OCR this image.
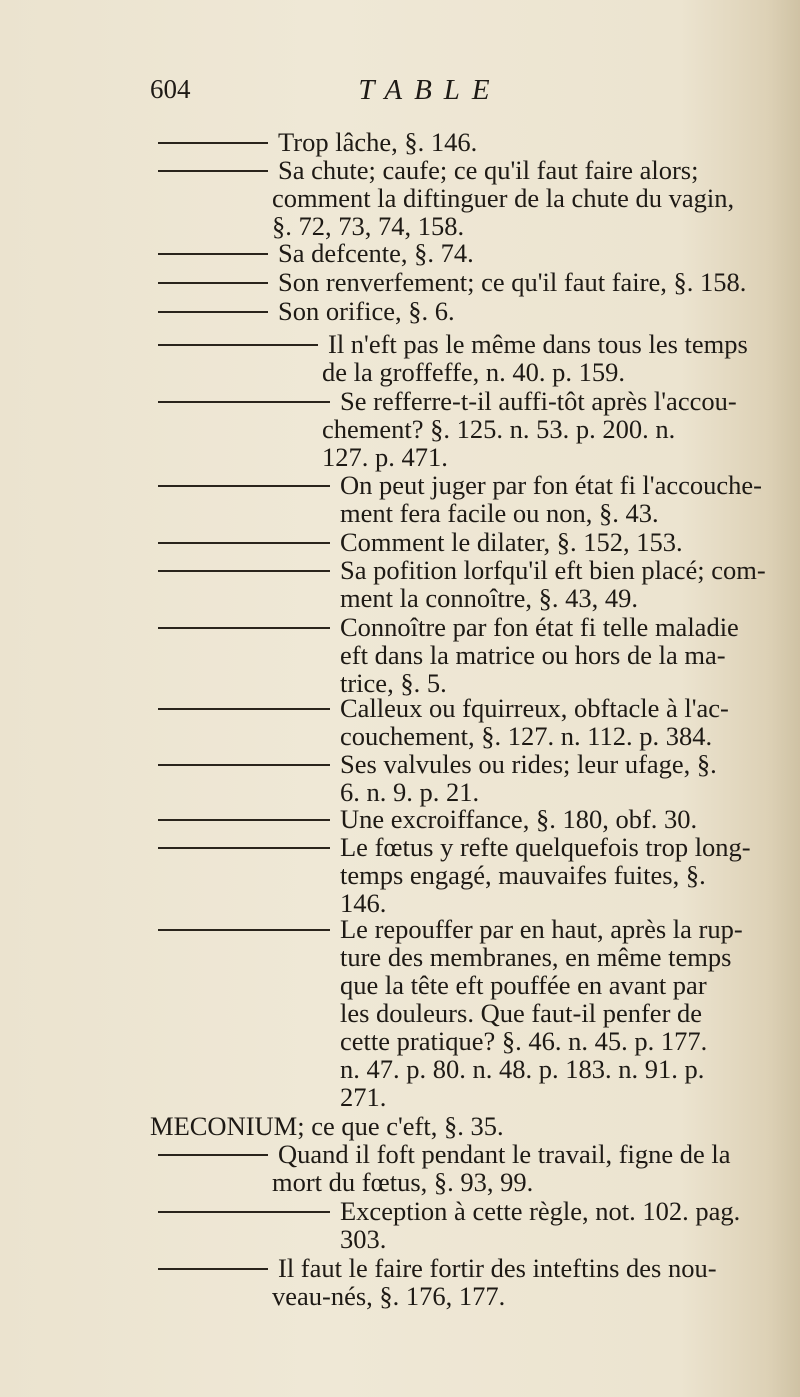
604	TABLE
Trop lâche, §. 146.
Sa chute; caufe; ce qu'il faut faire alors;
comment la diftinguer de la chute du vagin,
§. 72, 73, 74, 158.
Sa defcente, §. 74.
Son renverfement; ce qu'il faut faire, §. 158.
Son orifice, §. 6.
Il n'eft pas le même dans tous les temps
de la groffeffe, n. 40. p. 159.
Se refferre-t-il auffi-tôt après l'accou-
chement? §. 125. n. 53. p. 200. n.
127. p. 471.
On peut juger par fon état fi l'accouche-
ment fera facile ou non, §. 43.
Comment le dilater, §. 152, 153.
Sa pofition lorfqu'il eft bien placé; com-
ment la connoître, §. 43, 49.
Connoître par fon état fi telle maladie
eft dans la matrice ou hors de la ma-
trice, §. 5.
Calleux ou fquirreux, obftacle à l'ac-
couchement, §. 127. n. 112. p. 384.
Ses valvules ou rides; leur ufage, §.
6. n. 9. p. 21.
Une excroiffance, §. 180, obf. 30.
Le fœtus y refte quelquefois trop long-
temps engagé, mauvaifes fuites, §.
146.
Le repouffer par en haut, après la rup-
ture des membranes, en même temps
que la tête eft pouffée en avant par
les douleurs. Que faut-il penfer de
cette pratique? §. 46. n. 45. p. 177.
n. 47. p. 80. n. 48. p. 183. n. 91. p.
271.
MECONIUM; ce que c'eft, §. 35.
Quand il foft pendant le travail, figne de la
mort du fœtus, §. 93, 99.
Exception à cette règle, not. 102. pag.
303.
Il faut le faire fortir des inteftins des nou-
veau-nés, §. 176, 177.
